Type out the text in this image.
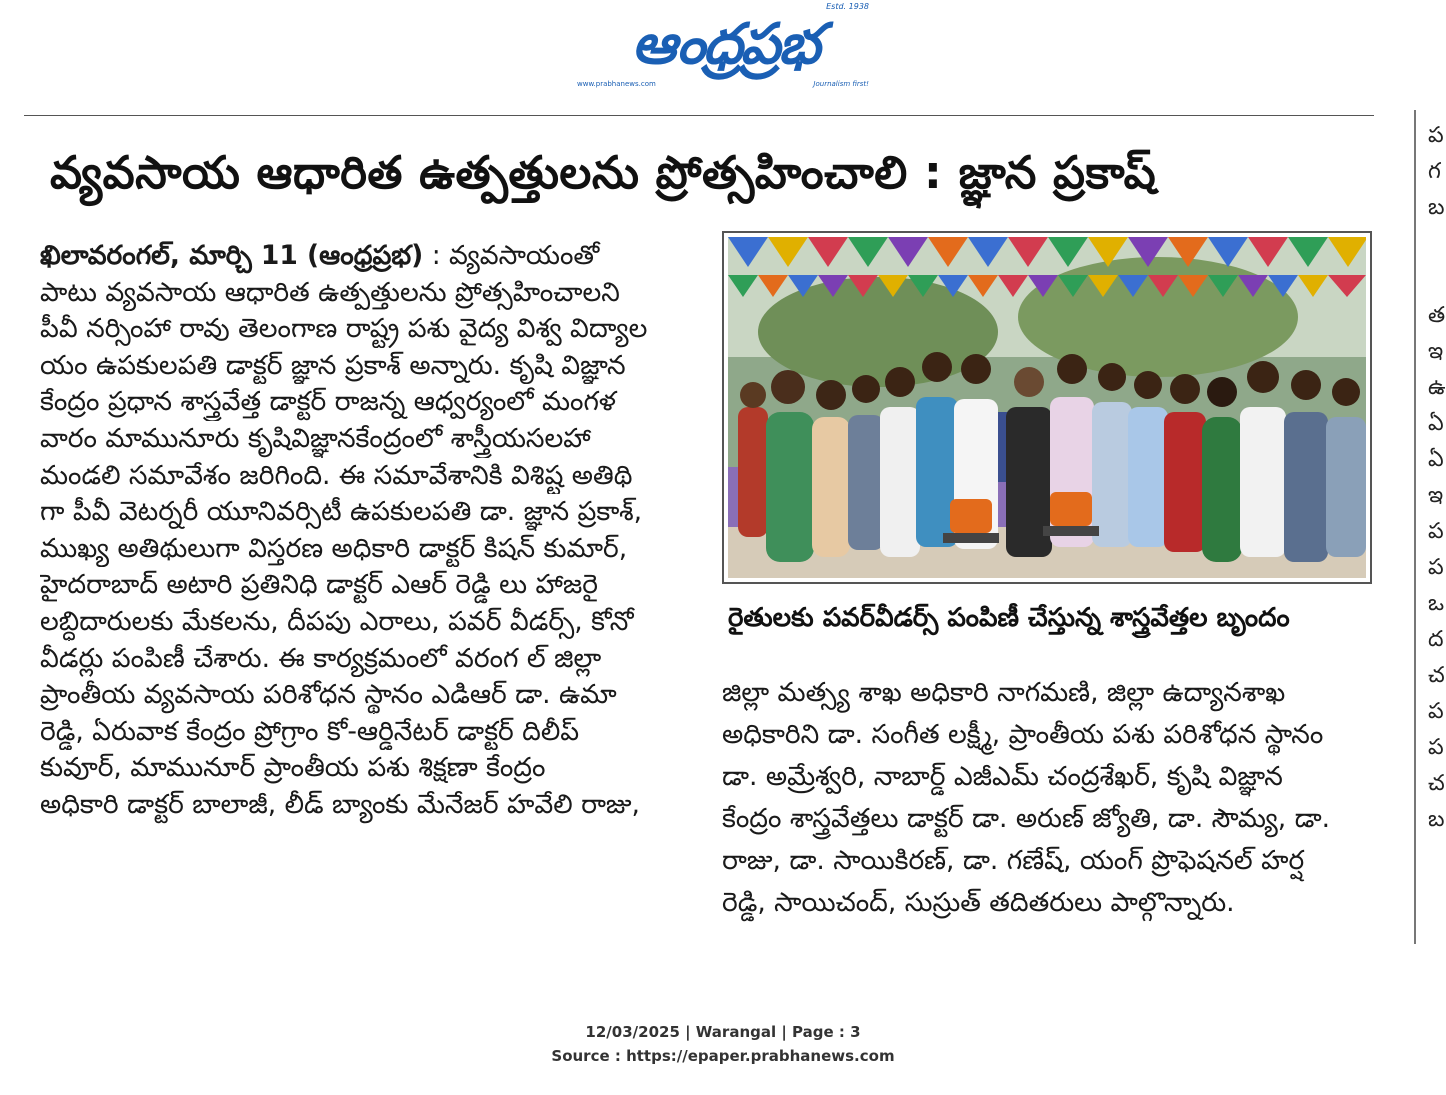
Estd. 1938
ఆంధ్రప్రభ
www.prabhanews.com	Journalism first!
వ్యవసాయ ఆధారిత ఉత్పత్తులను ప్రోత్సహించాలి : జ్ఞాన ప్రకాష్
ఖిలావరంగల్, మార్చి 11 (ఆంధ్రప్రభ) : వ్యవసాయంతో
పాటు వ్యవసాయ ఆధారిత ఉత్పత్తులను ప్రోత్సహించాలని
పీవీ నర్సింహా రావు తెలంగాణ రాష్ట్ర పశు వైద్య విశ్వ విద్యాల
యం ఉపకులపతి డాక్టర్ జ్ఞాన ప్రకాశ్ అన్నారు. కృషి విజ్ఞాన
కేంద్రం ప్రధాన శాస్త్రవేత్త డాక్టర్ రాజన్న ఆధ్వర్యంలో మంగళ
వారం మామునూరు కృషివిజ్ఞానకేంద్రంలో శాస్త్రీయసలహా
మండలి సమావేశం జరిగింది. ఈ సమావేశానికి విశిష్ట అతిథి
గా పీవీ వెటర్నరీ యూనివర్సిటీ ఉపకులపతి డా. జ్ఞాన ప్రకాశ్,
ముఖ్య అతిథులుగా విస్తరణ అధికారి డాక్టర్ కిషన్ కుమార్,
హైదరాబాద్ అటారి ప్రతినిధి డాక్టర్ ఎఆర్ రెడ్డి లు హాజరై
లబ్ధిదారులకు మేకలను, దీపపు ఎరాలు, పవర్ వీడర్స్, కోనో
వీడర్లు పంపిణీ చేశారు. ఈ కార్యక్రమంలో వరంగ ల్ జిల్లా
ప్రాంతీయ వ్యవసాయ పరిశోధన స్థానం ఎడిఆర్ డా. ఉమా
రెడ్డి, ఏరువాక కేంద్రం ప్రోగ్రాం కో-ఆర్డినేటర్ డాక్టర్ దిలీప్
కువూర్, మామునూర్ ప్రాంతీయ పశు శిక్షణా కేంద్రం
అధికారి డాక్టర్ బాలాజీ, లీడ్ బ్యాంకు మేనేజర్ హవేలి రాజు,
రైతులకు పవర్‌వీడర్స్ పంపిణీ చేస్తున్న శాస్త్రవేత్తల బృందం
జిల్లా మత్స్య శాఖ అధికారి నాగమణి, జిల్లా ఉద్యానశాఖ
అధికారిని డా. సంగీత లక్ష్మీ, ప్రాంతీయ పశు పరిశోధన స్థానం
డా. అమ్రేశ్వరి, నాబార్డ్ ఎజీఎమ్ చంద్రశేఖర్, కృషి విజ్ఞాన
కేంద్రం శాస్త్రవేత్తలు డాక్టర్ డా. అరుణ్ జ్యోతి, డా. సౌమ్య, డా.
రాజు, డా. సాయికిరణ్, డా. గణేష్, యంగ్ ప్రొఫెషనల్ హర్ష
రెడ్డి, సాయిచంద్, సుస్రుత్ తదితరులు పాల్గొన్నారు.
ప
గ
బ

త
ఇ
ఉ
ఏ
ఏ
ఇ
ప
ప
ఒ
ద
చ
ప
ప
చ
బ
12/03/2025 | Warangal | Page : 3
Source : https://epaper.prabhanews.com
